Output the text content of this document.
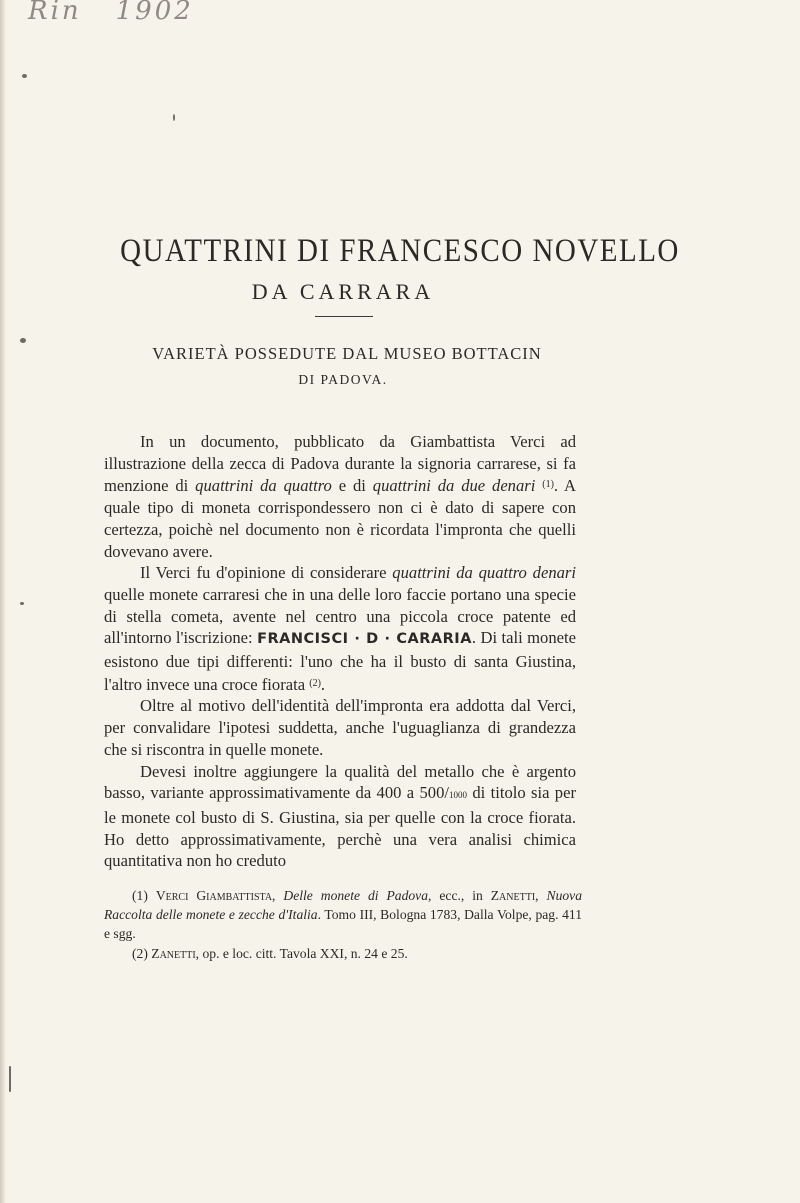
Rin 1902
QUATTRINI DI FRANCESCO NOVELLO
DA CARRARA
VARIETÀ POSSEDUTE DAL MUSEO BOTTACIN
DI PADOVA.

In un documento, pubblicato da Giambattista Verci ad illustrazione della zecca di Padova durante la signoria carrarese, si fa menzione di quattrini da quattro e di quattrini da due denari $^{(1)}$. A quale tipo di moneta corrispondessero non ci è dato di sapere con certezza, poichè nel documento non è ricordata l'impronta che quelli dovevano avere.

Il Verci fu d'opinione di considerare quattrini da quattro denari quelle monete carraresi che in una delle loro faccie portano una specie di stella cometa, avente nel centro una piccola croce patente ed all'intorno l'iscrizione: FRANCISCI · D · CARARIA. Di tali monete esistono due tipi differenti: l'uno che ha il busto di santa Giustina, l'altro invece una croce fiorata $^{(2)}$.

Oltre al motivo dell'identità dell'impronta era addotta dal Verci, per convalidare l'ipotesi suddetta, anche l'uguaglianza di grandezza che si riscontra in quelle monete.

Devesi inoltre aggiungere la qualità del metallo che è argento basso, variante approssimativamente da 400 a 500/1000 di titolo sia per le monete col busto di S. Giustina, sia per quelle con la croce fiorata. Ho detto approssimativamente, perchè una vera analisi chimica quantitativa non ho creduto

(1) Verci Giambattista, Delle monete di Padova, ecc., in Zanetti, Nuova Raccolta delle monete e zecche d'Italia. Tomo III, Bologna 1783, Dalla Volpe, pag. 411 e sgg.

(2) Zanetti, op. e loc. citt. Tavola XXI, n. 24 e 25.
